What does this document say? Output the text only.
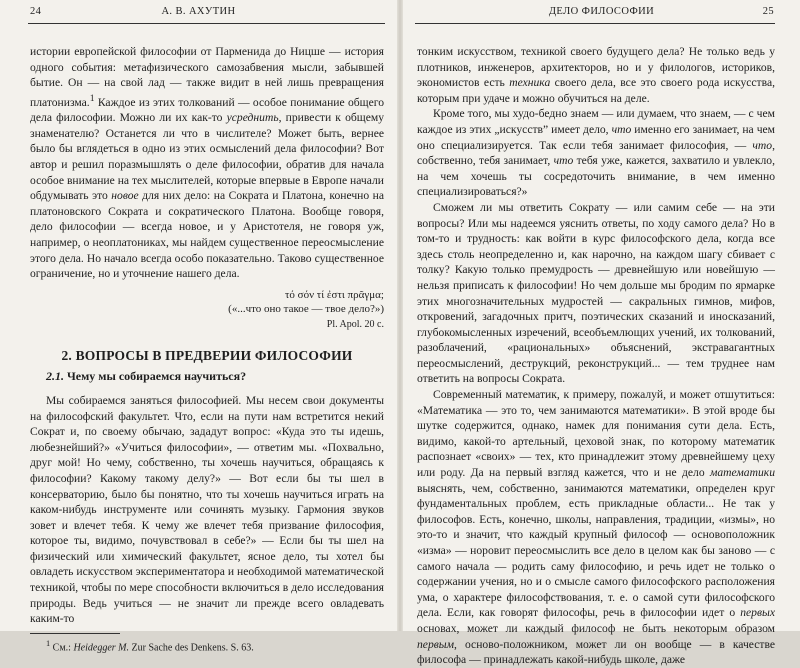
24	А. В. АХУТИН

истории европейской философии от Парменида до Ницше — история одного события: метафизического самозабвения мысли, забывшей бытие. Он — на свой лад — также видит в ней лишь превращения платонизма.$^1$ Каждое из этих толкований — особое понимание общего дела философии. Можно ли их как-то усреднить, привести к общему знаменателю? Останется ли что в числителе? Может быть, вернее было бы вглядеться в одно из этих осмыслений дела философии? Вот автор и решил поразмышлять о деле философии, обратив для начала особое внимание на тех мыслителей, которые впервые в Европе начали обдумывать это новое для них дело: на Сократа и Платона, конечно на платоновского Сократа и сократического Платона. Вообще говоря, дело философии — всегда новое, и у Аристотеля, не говоря уж, например, о неоплатониках, мы найдем существенное переосмысление этого дела. Но начало всегда особо показательно. Таково существенное ограничение, но и уточнение нашего дела.

τό σόν τί ἐστι πρᾶγμα;
(«...что оно такое — твое дело?»)
Pl. Apol. 20 c.
2. ВОПРОСЫ В ПРЕДВЕРИИ ФИЛОСОФИИ
2.1. Чему мы собираемся научиться?

Мы собираемся заняться философией. Мы несем свои документы на философский факультет. Что, если на пути нам встретится некий Сократ и, по своему обычаю, зададут вопрос: «Куда это ты идешь, любезнейший?» «Учиться философии», — ответим мы. «Похвально, друг мой! Но чему, собственно, ты хочешь научиться, обращаясь к философии? Какому такому делу?» — Вот если бы ты шел в консерваторию, было бы понятно, что ты хочешь научиться играть на каком-нибудь инструменте или сочинять музыку. Гармония звуков зовет и влечет тебя. К чему же влечет тебя призвание философия, которое ты, видимо, почувствовал в себе?» — Если бы ты шел на физический или химический факультет, ясное дело, ты хотел бы овладеть искусством экспериментатора и необходимой математической техникой, чтобы по мере способности включиться в дело исследования природы. Ведь учиться — не значит ли прежде всего овладевать каким-то

$^1$ См.: Heidegger M. Zur Sache des Denkens. S. 63.
ДЕЛО ФИЛОСОФИИ	25

тонким искусством, техникой своего будущего дела? Не только ведь у плотников, инженеров, архитекторов, но и у филологов, историков, экономистов есть техника своего дела, все это своего рода искусства, которым при удаче и можно обучиться на деле.

Кроме того, мы худо-бедно знаем — или думаем, что знаем, — с чем каждое из этих „искусств” имеет дело, что именно его занимает, на чем оно специализируется. Так если тебя занимает философия, — что, собственно, тебя занимает, что тебя уже, кажется, захватило и увлекло, на чем хочешь ты сосредоточить внимание, в чем именно специализироваться?»

Сможем ли мы ответить Сократу — или самим себе — на эти вопросы? Или мы надеемся уяснить ответы, по ходу самого дела? Но в том-то и трудность: как войти в курс философского дела, когда все здесь столь неопределенно и, как нарочно, на каждом шагу сбивает с толку? Какую только премудрость — древнейшую или новейшую — нельзя приписать к философии! Но чем дольше мы бродим по ярмарке этих многозначительных мудростей — сакральных гимнов, мифов, откровений, загадочных притч, поэтических сказаний и иносказаний, глубокомысленных изречений, всеобъемлющих учений, их толкований, разоблачений, «рациональных» объяснений, экстравагантных переосмыслений, деструкций, реконструкций... — тем труднее нам ответить на вопросы Сократа.

Современный математик, к примеру, пожалуй, и может отшутиться: «Математика — это то, чем занимаются математики». В этой вроде бы шутке содержится, однако, намек для понимания сути дела. Есть, видимо, какой-то артельный, цеховой знак, по которому математик распознает «своих» — тех, кто принадлежит этому древнейшему цеху или роду. Да на первый взгляд кажется, что и не дело математики выяснять, чем, собственно, занимаются математики, определен круг фундаментальных проблем, есть прикладные области... Не так у философов. Есть, конечно, школы, направления, традиции, «измы», но это-то и значит, что каждый крупный философ — основоположник «изма» — норовит переосмыслить все дело в целом как бы заново — с самого начала — родить саму философию, и речь идет не только о содержании учения, но и о смысле самого философского расположения ума, о характере философствования, т. е. о самой сути философского дела. Если, как говорят философы, речь в философии идет о первых основах, может ли каждый философ не быть некоторым образом первым, осново-положником, может ли он вообще — в качестве философа — принадлежать какой-нибудь школе, даже
